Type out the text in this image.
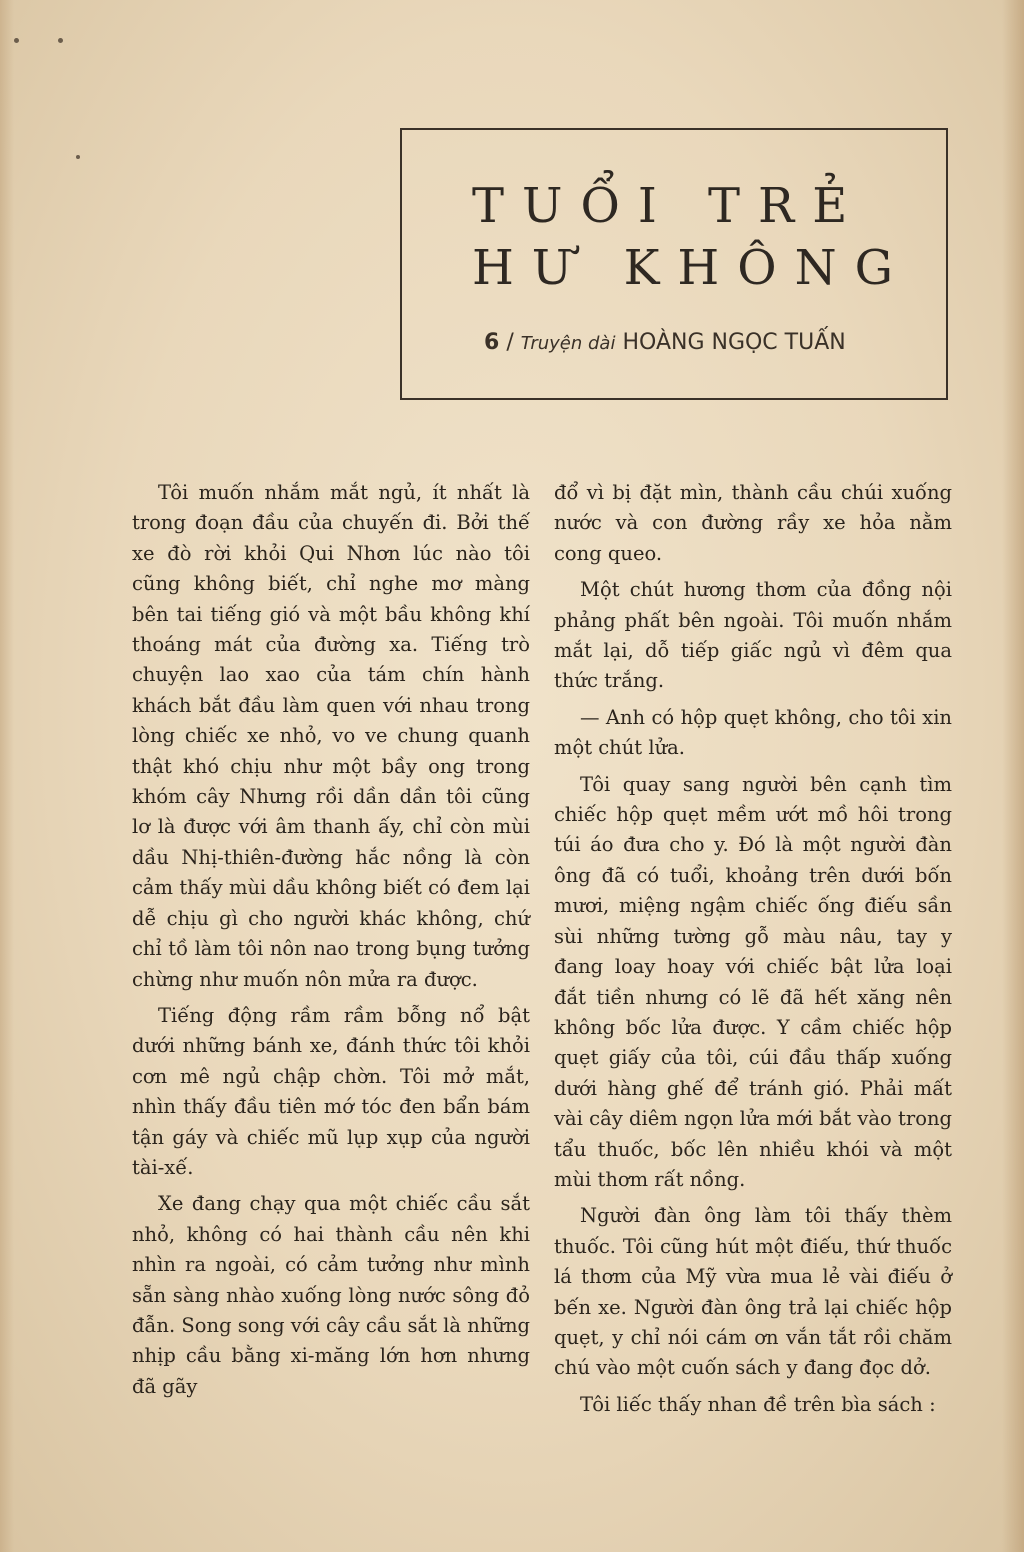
TUỔI TRẺ
HƯ KHÔNG
6 / Truyện dài HOÀNG NGỌC TUẤN

Tôi muốn nhắm mắt ngủ, ít nhất là trong đoạn đầu của chuyến đi. Bởi thế xe đò rời khỏi Qui Nhơn lúc nào tôi cũng không biết, chỉ nghe mơ màng bên tai tiếng gió và một bầu không khí thoáng mát của đường xa. Tiếng trò chuyện lao xao của tám chín hành khách bắt đầu làm quen với nhau trong lòng chiếc xe nhỏ, vo ve chung quanh thật khó chịu như một bầy ong trong khóm cây Nhưng rồi dần dần tôi cũng lơ là được với âm thanh ấy, chỉ còn mùi dầu Nhị-thiên-đường hắc nồng là còn cảm thấy mùi dầu không biết có đem lại dễ chịu gì cho người khác không, chứ chỉ tồ làm tôi nôn nao trong bụng tưởng chừng như muốn nôn mửa ra được.

Tiếng động rầm rầm bỗng nổ bật dưới những bánh xe, đánh thức tôi khỏi cơn mê ngủ chập chờn. Tôi mở mắt, nhìn thấy đầu tiên mớ tóc đen bẩn bám tận gáy và chiếc mũ lụp xụp của người tài-xế.

Xe đang chạy qua một chiếc cầu sắt nhỏ, không có hai thành cầu nên khi nhìn ra ngoài, có cảm tưởng như mình sẵn sàng nhào xuống lòng nước sông đỏ đẫn. Song song với cây cầu sắt là những nhịp cầu bằng xi-măng lớn hơn nhưng đã gãy

đổ vì bị đặt mìn, thành cầu chúi xuống nước và con đường rầy xe hỏa nằm cong queo.

Một chút hương thơm của đồng nội phảng phất bên ngoài. Tôi muốn nhắm mắt lại, dỗ tiếp giấc ngủ vì đêm qua thức trắng.

— Anh có hộp quẹt không, cho tôi xin một chút lửa.

Tôi quay sang người bên cạnh tìm chiếc hộp quẹt mềm ướt mồ hôi trong túi áo đưa cho y. Đó là một người đàn ông đã có tuổi, khoảng trên dưới bốn mươi, miệng ngậm chiếc ống điếu sần sùi những tường gỗ màu nâu, tay y đang loay hoay với chiếc bật lửa loại đắt tiền nhưng có lẽ đã hết xăng nên không bốc lửa được. Y cầm chiếc hộp quẹt giấy của tôi, cúi đầu thấp xuống dưới hàng ghế để tránh gió. Phải mất vài cây diêm ngọn lửa mới bắt vào trong tẩu thuốc, bốc lên nhiều khói và một mùi thơm rất nồng.

Người đàn ông làm tôi thấy thèm thuốc. Tôi cũng hút một điếu, thứ thuốc lá thơm của Mỹ vừa mua lẻ vài điếu ở bến xe. Người đàn ông trả lại chiếc hộp quẹt, y chỉ nói cám ơn vắn tắt rồi chăm chú vào một cuốn sách y đang đọc dở.

Tôi liếc thấy nhan đề trên bìa sách :
